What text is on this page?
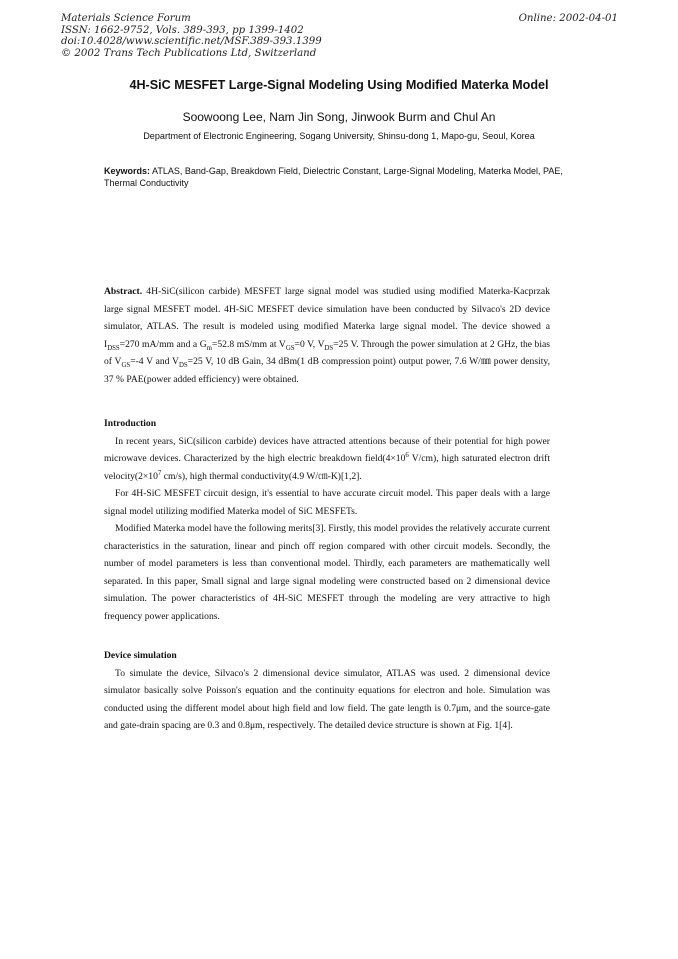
Materials Science Forum
ISSN: 1662-9752, Vols. 389-393, pp 1399-1402
doi:10.4028/www.scientific.net/MSF.389-393.1399
© 2002 Trans Tech Publications Ltd, Switzerland
Online: 2002-04-01
4H-SiC MESFET Large-Signal Modeling Using Modified Materka Model
Soowoong Lee, Nam Jin Song, Jinwook Burm and Chul An
Department of Electronic Engineering, Sogang University, Shinsu-dong 1, Mapo-gu, Seoul, Korea
Keywords: ATLAS, Band-Gap, Breakdown Field, Dielectric Constant, Large-Signal Modeling, Materka Model, PAE, Thermal Conductivity

Abstract. 4H-SiC(silicon carbide) MESFET large signal model was studied using modified Materka-Kacprzak large signal MESFET model. 4H-SiC MESFET device simulation have been conducted by Silvaco's 2D device simulator, ATLAS. The result is modeled using modified Materka large signal model. The device showed a $I_{DSS}=270$ mA/mm and a $G_m=52.8$ mS/mm at $V_{GS}=0$ V, $V_{DS}=25$ V. Through the power simulation at 2 GHz, the bias of $V_{GS}=-4$ V and $V_{DS}=25$ V, 10 dB Gain, 34 dBm(1 dB compression point) output power, 7.6 W/㎜ power density, 37 % PAE(power added efficiency) were obtained.

Introduction

In recent years, SiC(silicon carbide) devices have attracted attentions because of their potential for high power microwave devices. Characterized by the high electric breakdown $field(4\times 10^6$ V/cm), high saturated electron drift $velocity(2\times 10^7$ cm/s), high thermal conductivity(4.9 W/㎝-K)[1,2].

For 4H-SiC MESFET circuit design, it's essential to have accurate circuit model. This paper deals with a large signal model utilizing modified Materka model of SiC MESFETs.

Modified Materka model have the following merits[3]. Firstly, this model provides the relatively accurate current characteristics in the saturation, linear and pinch off region compared with other circuit models. Secondly, the number of model parameters is less than conventional model. Thirdly, each parameters are mathematically well separated. In this paper, Small signal and large signal modeling were constructed based on 2 dimensional device simulation. The power characteristics of 4H-SiC MESFET through the modeling are very attractive to high frequency power applications.

Device simulation

To simulate the device, Silvaco's 2 dimensional device simulator, ATLAS was used. 2 dimensional device simulator basically solve Poisson's equation and the continuity equations for electron and hole. Simulation was conducted using the different model about high field and low field. The gate length is 0.7μm, and the source-gate and gate-drain spacing are 0.3 and 0.8μm, respectively. The detailed device structure is shown at Fig. 1[4].
